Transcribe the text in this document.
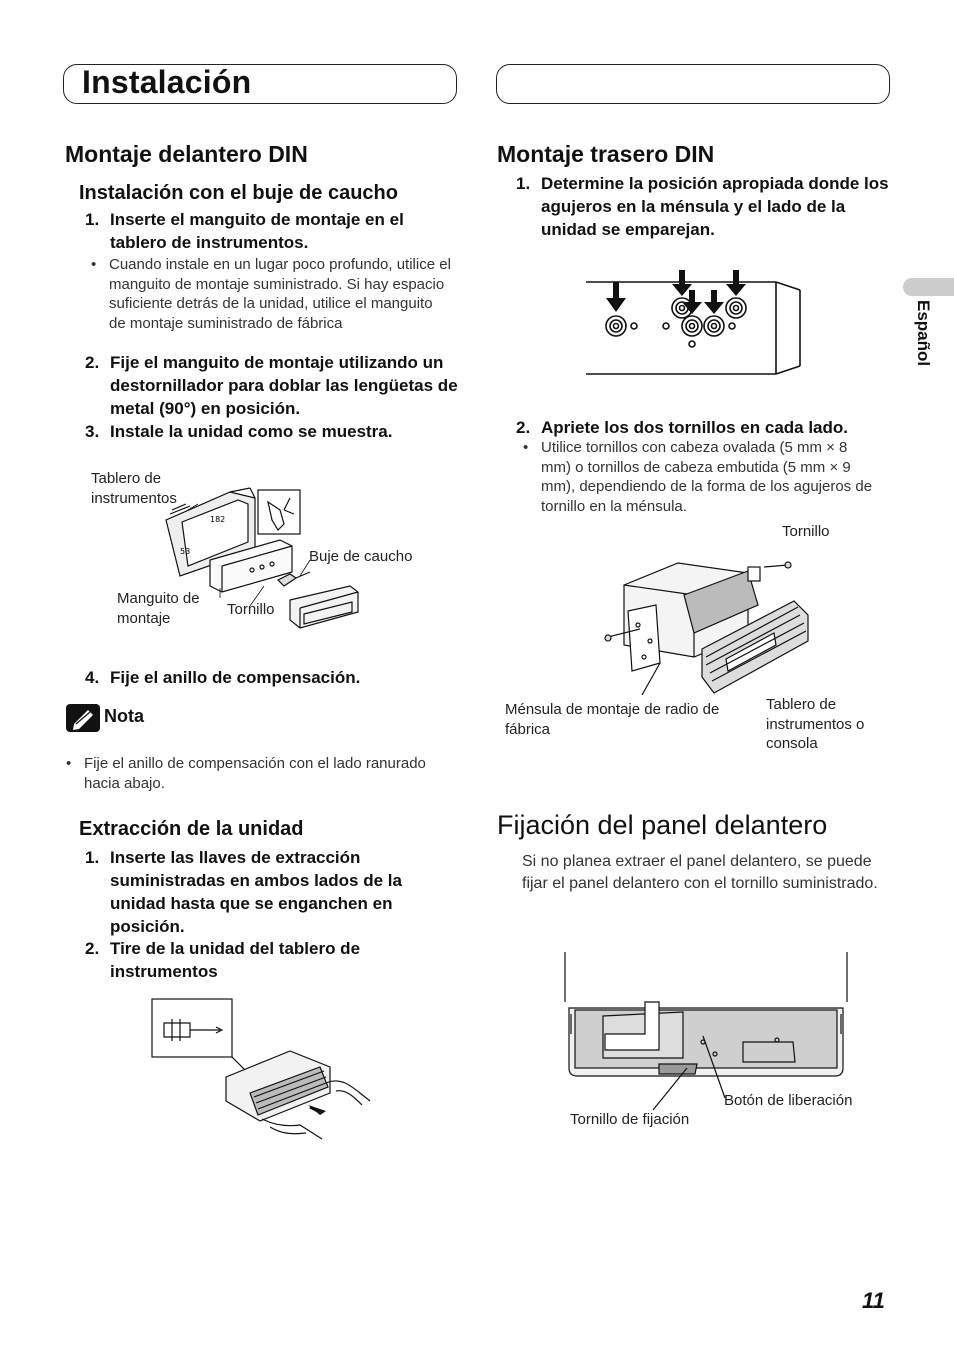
Instalación
Español
Montaje delantero DIN
Instalación con el buje de caucho
1. Inserte el manguito de montaje en el tablero de instrumentos.
• Cuando instale en un lugar poco profundo, utilice el manguito de montaje suministrado. Si hay espacio suficiente detrás de la unidad, utilice el manguito de montaje suministrado de fábrica
2. Fije el manguito de montaje utilizando un destornillador para doblar las lengüetas de metal (90°) en posición.
3. Instale la unidad como se muestra.
Tablero de instrumentos
Buje de caucho
Manguito de montaje	Tornillo
182
53
4. Fije el anillo de compensación.
Nota
• Fije el anillo de compensación con el lado ranurado hacia abajo.
Extracción de la unidad
1. Inserte las llaves de extracción suministradas en ambos lados de la unidad hasta que se enganchen en posición.
2. Tire de la unidad del tablero de instrumentos
Montaje trasero DIN
1. Determine la posición apropiada donde los agujeros en la ménsula y el lado de la unidad se emparejan.
2. Apriete los dos tornillos en cada lado.
• Utilice tornillos con cabeza ovalada (5 mm × 8 mm) o tornillos de cabeza embutida (5 mm × 9 mm), dependiendo de la forma de los agujeros de tornillo en la ménsula.
Tornillo
Ménsula de montaje de radio de fábrica
Tablero de instrumentos o consola
Fijación del panel delantero
Si no planea extraer el panel delantero, se puede fijar el panel delantero con el tornillo suministrado.
Botón de liberación
Tornillo de fijación
11
